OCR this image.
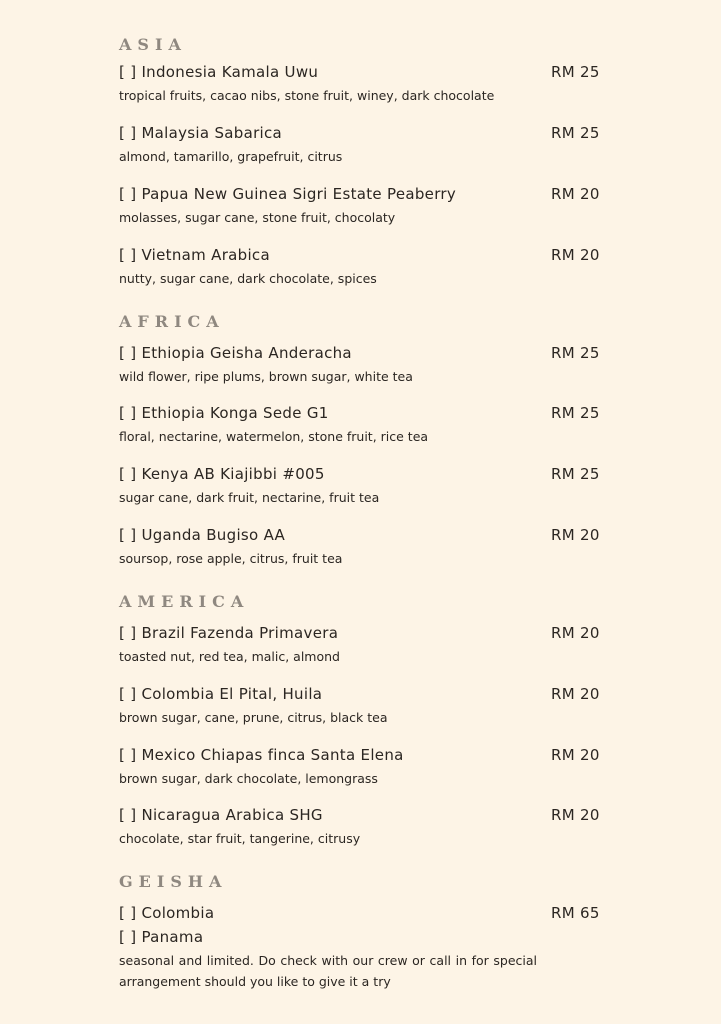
ASIA
[ ] Indonesia Kamala Uwu	RM 25
tropical fruits, cacao nibs, stone fruit, winey, dark chocolate
[ ] Malaysia Sabarica	RM 25
almond, tamarillo, grapefruit, citrus
[ ] Papua New Guinea Sigri Estate Peaberry	RM 20
molasses, sugar cane, stone fruit, chocolaty
[ ] Vietnam Arabica	RM 20
nutty, sugar cane, dark chocolate, spices
AFRICA
[ ] Ethiopia Geisha Anderacha	RM 25
wild flower, ripe plums, brown sugar, white tea
[ ] Ethiopia Konga Sede G1	RM 25
floral, nectarine, watermelon, stone fruit, rice tea
[ ] Kenya AB Kiajibbi #005	RM 25
sugar cane, dark fruit, nectarine, fruit tea
[ ] Uganda Bugiso AA	RM 20
soursop, rose apple, citrus, fruit tea
AMERICA
[ ] Brazil Fazenda Primavera	RM 20
toasted nut, red tea, malic, almond
[ ] Colombia El Pital, Huila	RM 20
brown sugar, cane, prune, citrus, black tea
[ ] Mexico Chiapas finca Santa Elena	RM 20
brown sugar, dark chocolate, lemongrass
[ ] Nicaragua Arabica SHG	RM 20
chocolate, star fruit, tangerine, citrusy
GEISHA
[ ] Colombia	RM 65
[ ] Panama
seasonal and limited. Do check with our crew or call in for special arrangement should you like to give it a try
